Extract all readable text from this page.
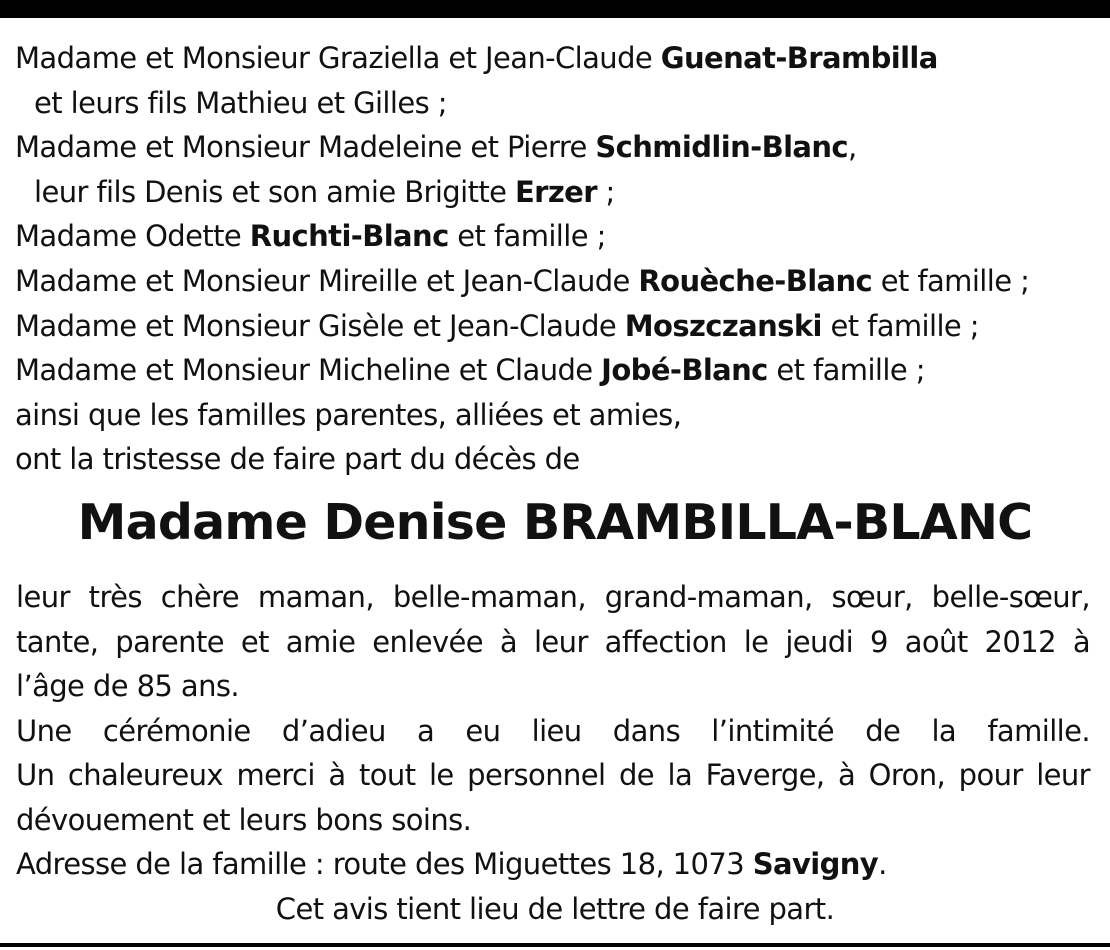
Madame et Monsieur Graziella et Jean-Claude Guenat-Brambilla
et leurs fils Mathieu et Gilles ;
Madame et Monsieur Madeleine et Pierre Schmidlin-Blanc,
leur fils Denis et son amie Brigitte Erzer ;
Madame Odette Ruchti-Blanc et famille ;
Madame et Monsieur Mireille et Jean-Claude Rouèche-Blanc et famille ;
Madame et Monsieur Gisèle et Jean-Claude Moszczanski et famille ;
Madame et Monsieur Micheline et Claude Jobé-Blanc et famille ;
ainsi que les familles parentes, alliées et amies,
ont la tristesse de faire part du décès de
Madame Denise BRAMBILLA-BLANC
leur très chère maman, belle-maman, grand-maman, sœur, belle-sœur,
tante, parente et amie enlevée à leur affection le jeudi 9 août 2012 à
l’âge de 85 ans.
Une cérémonie d’adieu a eu lieu dans l’intimité de la famille.
Un chaleureux merci à tout le personnel de la Faverge, à Oron, pour leur
dévouement et leurs bons soins.
Adresse de la famille : route des Miguettes 18, 1073 Savigny.
Cet avis tient lieu de lettre de faire part.
